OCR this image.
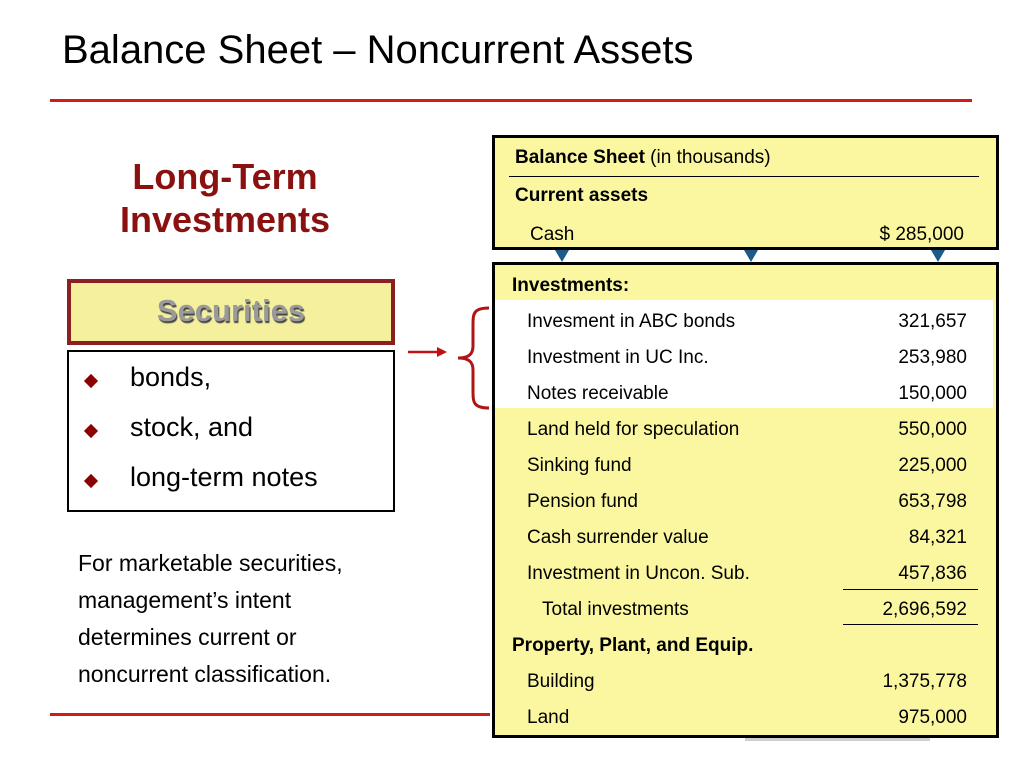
Balance Sheet – Noncurrent Assets
Long-Term
Investments
Securities
bonds,
stock, and
long-term notes
For marketable securities,
management’s intent
determines current or
noncurrent classification.
Balance Sheet (in thousands)
Current assets
Cash	$ 285,000
Investments:
Invesment in ABC bonds	321,657
Investment in UC Inc.	253,980
Notes receivable	150,000
Land held for speculation	550,000
Sinking fund	225,000
Pension fund	653,798
Cash surrender value	84,321
Investment in Uncon. Sub.	457,836
Total investments	2,696,592
Property, Plant, and Equip.
Building	1,375,778
Land	975,000
